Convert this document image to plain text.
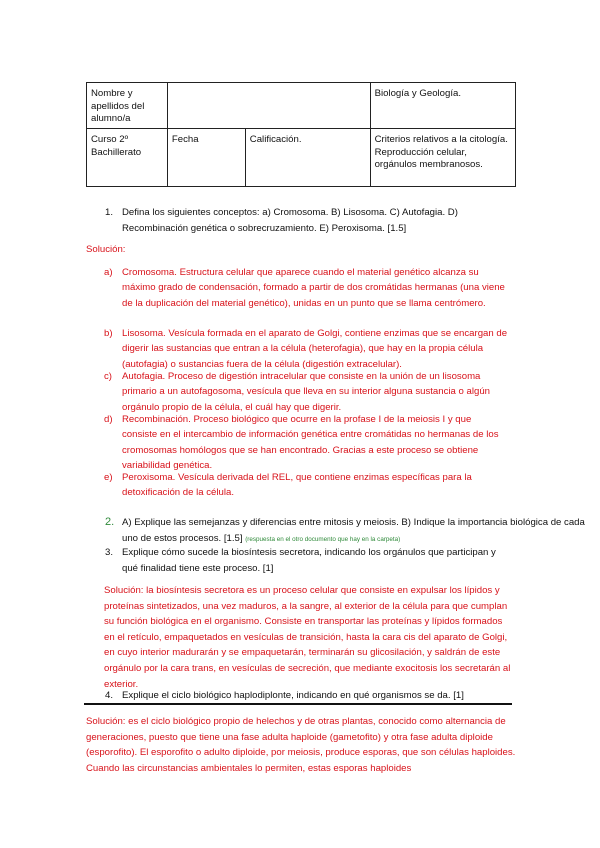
Nombre y apellidos del alumno/a			Biología y Geología.
Curso 2º Bachillerato	Fecha	Calificación.	Criterios relativos a la citología. Reproducción celular, orgánulos membranosos.
1. Defina los siguientes conceptos: a) Cromosoma. B) Lisosoma. C) Autofagia. D) Recombinación genética o sobrecruzamiento. E) Peroxisoma. [1.5]
Solución:
a) Cromosoma. Estructura celular que aparece cuando el material genético alcanza su máximo grado de condensación, formado a partir de dos cromátidas hermanas (una viene de la duplicación del material genético), unidas en un punto que se llama centrómero.
b) Lisosoma. Vesícula formada en el aparato de Golgi, contiene enzimas que se encargan de digerir las sustancias que entran a la célula (heterofagia), que hay en la propia célula (autofagia) o sustancias fuera de la célula (digestión extracelular).
c) Autofagia. Proceso de digestión intracelular que consiste en la unión de un lisosoma primario a un autofagosoma, vesícula que lleva en su interior alguna sustancia o algún orgánulo propio de la célula, el cuál hay que digerir.
d) Recombinación. Proceso biológico que ocurre en la profase I de la meiosis I y que consiste en el intercambio de información genética entre cromátidas no hermanas de los cromosomas homólogos que se han encontrado. Gracias a este proceso se obtiene variabilidad genética.
e) Peroxisoma. Vesícula derivada del REL, que contiene enzimas específicas para la detoxificación de la célula.
2. A) Explique las semejanzas y diferencias entre mitosis y meiosis. B) Indique la importancia biológica de cada uno de estos procesos. [1.5] (respuesta en el otro documento que hay en la carpeta)
3. Explique cómo sucede la biosíntesis secretora, indicando los orgánulos que participan y qué finalidad tiene este proceso. [1]
Solución: la biosíntesis secretora es un proceso celular que consiste en expulsar los lípidos y proteínas sintetizados, una vez maduros, a la sangre, al exterior de la célula para que cumplan su función biológica en el organismo. Consiste en transportar las proteínas y lípidos formados en el retículo, empaquetados en vesículas de transición, hasta la cara cis del aparato de Golgi, en cuyo interior madurarán y se empaquetarán, terminarán su glicosilación, y saldrán de este orgánulo por la cara trans, en vesículas de secreción, que mediante exocitosis los secretarán al exterior.
4. Explique el ciclo biológico haplodiplonte, indicando en qué organismos se da. [1]
Solución: es el ciclo biológico propio de helechos y de otras plantas, conocido como alternancia de generaciones, puesto que tiene una fase adulta haploide (gametofito) y otra fase adulta diploide (esporofito). El esporofito o adulto diploide, por meiosis, produce esporas, que son células haploides. Cuando las circunstancias ambientales lo permiten, estas esporas haploides
